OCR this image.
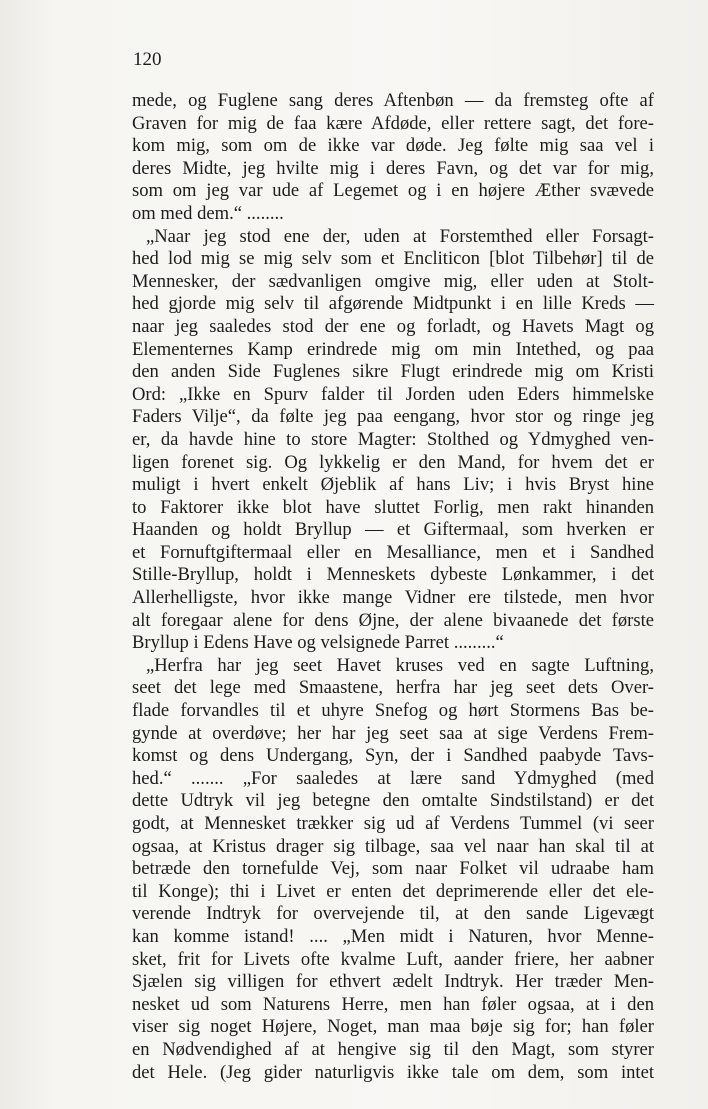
120
mede, og Fuglene sang deres Aftenbøn — da fremsteg ofte af
Graven for mig de faa kære Afdøde, eller rettere sagt, det fore-
kom mig, som om de ikke var døde. Jeg følte mig saa vel i
deres Midte, jeg hvilte mig i deres Favn, og det var for mig,
som om jeg var ude af Legemet og i en højere Æther svævede
om med dem.“ ........
„Naar jeg stod ene der, uden at Forstemthed eller Forsagt-
hed lod mig se mig selv som et Encliticon [blot Tilbehør] til de
Mennesker, der sædvanligen omgive mig, eller uden at Stolt-
hed gjorde mig selv til afgørende Midtpunkt i en lille Kreds —
naar jeg saaledes stod der ene og forladt, og Havets Magt og
Elementernes Kamp erindrede mig om min Intethed, og paa
den anden Side Fuglenes sikre Flugt erindrede mig om Kristi
Ord: „Ikke en Spurv falder til Jorden uden Eders himmelske
Faders Vilje“, da følte jeg paa eengang, hvor stor og ringe jeg
er, da havde hine to store Magter: Stolthed og Ydmyghed ven-
ligen forenet sig. Og lykkelig er den Mand, for hvem det er
muligt i hvert enkelt Øjeblik af hans Liv; i hvis Bryst hine
to Faktorer ikke blot have sluttet Forlig, men rakt hinanden
Haanden og holdt Bryllup — et Giftermaal, som hverken er
et Fornuftgiftermaal eller en Mesalliance, men et i Sandhed
Stille-Bryllup, holdt i Menneskets dybeste Lønkammer, i det
Allerhelligste, hvor ikke mange Vidner ere tilstede, men hvor
alt foregaar alene for dens Øjne, der alene bivaanede det første
Bryllup i Edens Have og velsignede Parret .........“
„Herfra har jeg seet Havet kruses ved en sagte Luftning,
seet det lege med Smaastene, herfra har jeg seet dets Over-
flade forvandles til et uhyre Snefog og hørt Stormens Bas be-
gynde at overdøve; her har jeg seet saa at sige Verdens Frem-
komst og dens Undergang, Syn, der i Sandhed paabyde Tavs-
hed.“ ....... „For saaledes at lære sand Ydmyghed (med
dette Udtryk vil jeg betegne den omtalte Sindstilstand) er det
godt, at Mennesket trækker sig ud af Verdens Tummel (vi seer
ogsaa, at Kristus drager sig tilbage, saa vel naar han skal til at
betræde den tornefulde Vej, som naar Folket vil udraabe ham
til Konge); thi i Livet er enten det deprimerende eller det ele-
verende Indtryk for overvejende til, at den sande Ligevægt
kan komme istand! .... „Men midt i Naturen, hvor Menne-
sket, frit for Livets ofte kvalme Luft, aander friere, her aabner
Sjælen sig villigen for ethvert ædelt Indtryk. Her træder Men-
nesket ud som Naturens Herre, men han føler ogsaa, at i den
viser sig noget Højere, Noget, man maa bøje sig for; han føler
en Nødvendighed af at hengive sig til den Magt, som styrer
det Hele. (Jeg gider naturligvis ikke tale om dem, som intet
